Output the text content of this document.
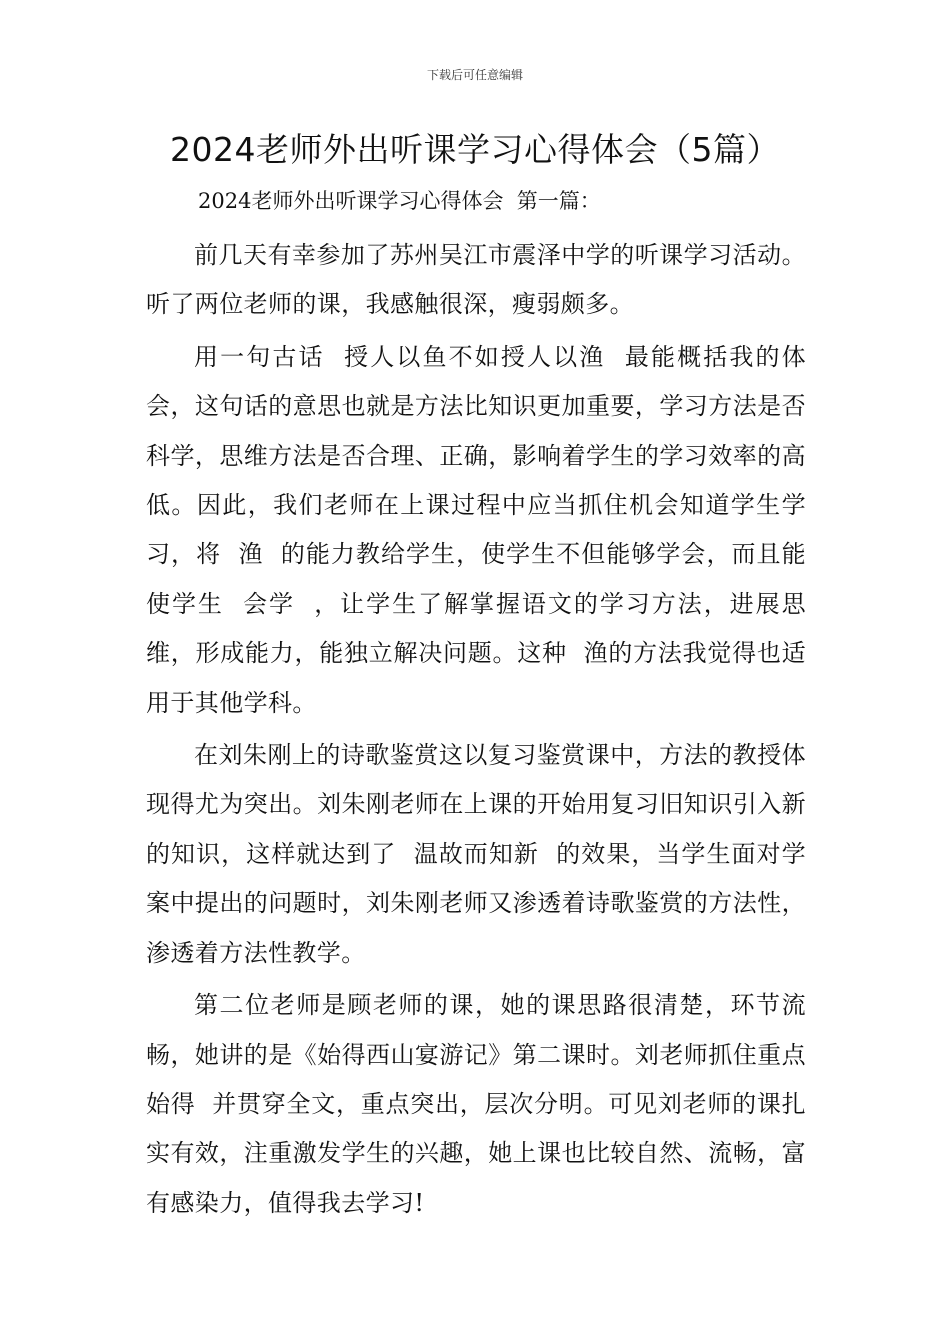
下载后可任意编辑
2024老师外出听课学习心得体会（5篇）
2024老师外出听课学习心得体会  第一篇：

前几天有幸参加了苏州吴江市震泽中学的听课学习活动。听了两位老师的课，我感触很深，瘦弱颇多。

用一句古话  授人以鱼不如授人以渔  最能概括我的体会，这句话的意思也就是方法比知识更加重要，学习方法是否科学，思维方法是否合理、正确，影响着学生的学习效率的高低。因此，我们老师在上课过程中应当抓住机会知道学生学习，将  渔  的能力教给学生，使学生不但能够学会，而且能使学生  会学  ，让学生了解掌握语文的学习方法，进展思维，形成能力，能独立解决问题。这种  渔的方法我觉得也适用于其他学科。

在刘朱刚上的诗歌鉴赏这以复习鉴赏课中，方法的教授体现得尤为突出。刘朱刚老师在上课的开始用复习旧知识引入新的知识，这样就达到了  温故而知新  的效果，当学生面对学案中提出的问题时，刘朱刚老师又渗透着诗歌鉴赏的方法性，渗透着方法性教学。

第二位老师是顾老师的课，她的课思路很清楚，环节流畅，她讲的是《始得西山宴游记》第二课时。刘老师抓住重点  始得  并贯穿全文，重点突出，层次分明。可见刘老师的课扎实有效，注重激发学生的兴趣，她上课也比较自然、流畅，富有感染力，值得我去学习!
